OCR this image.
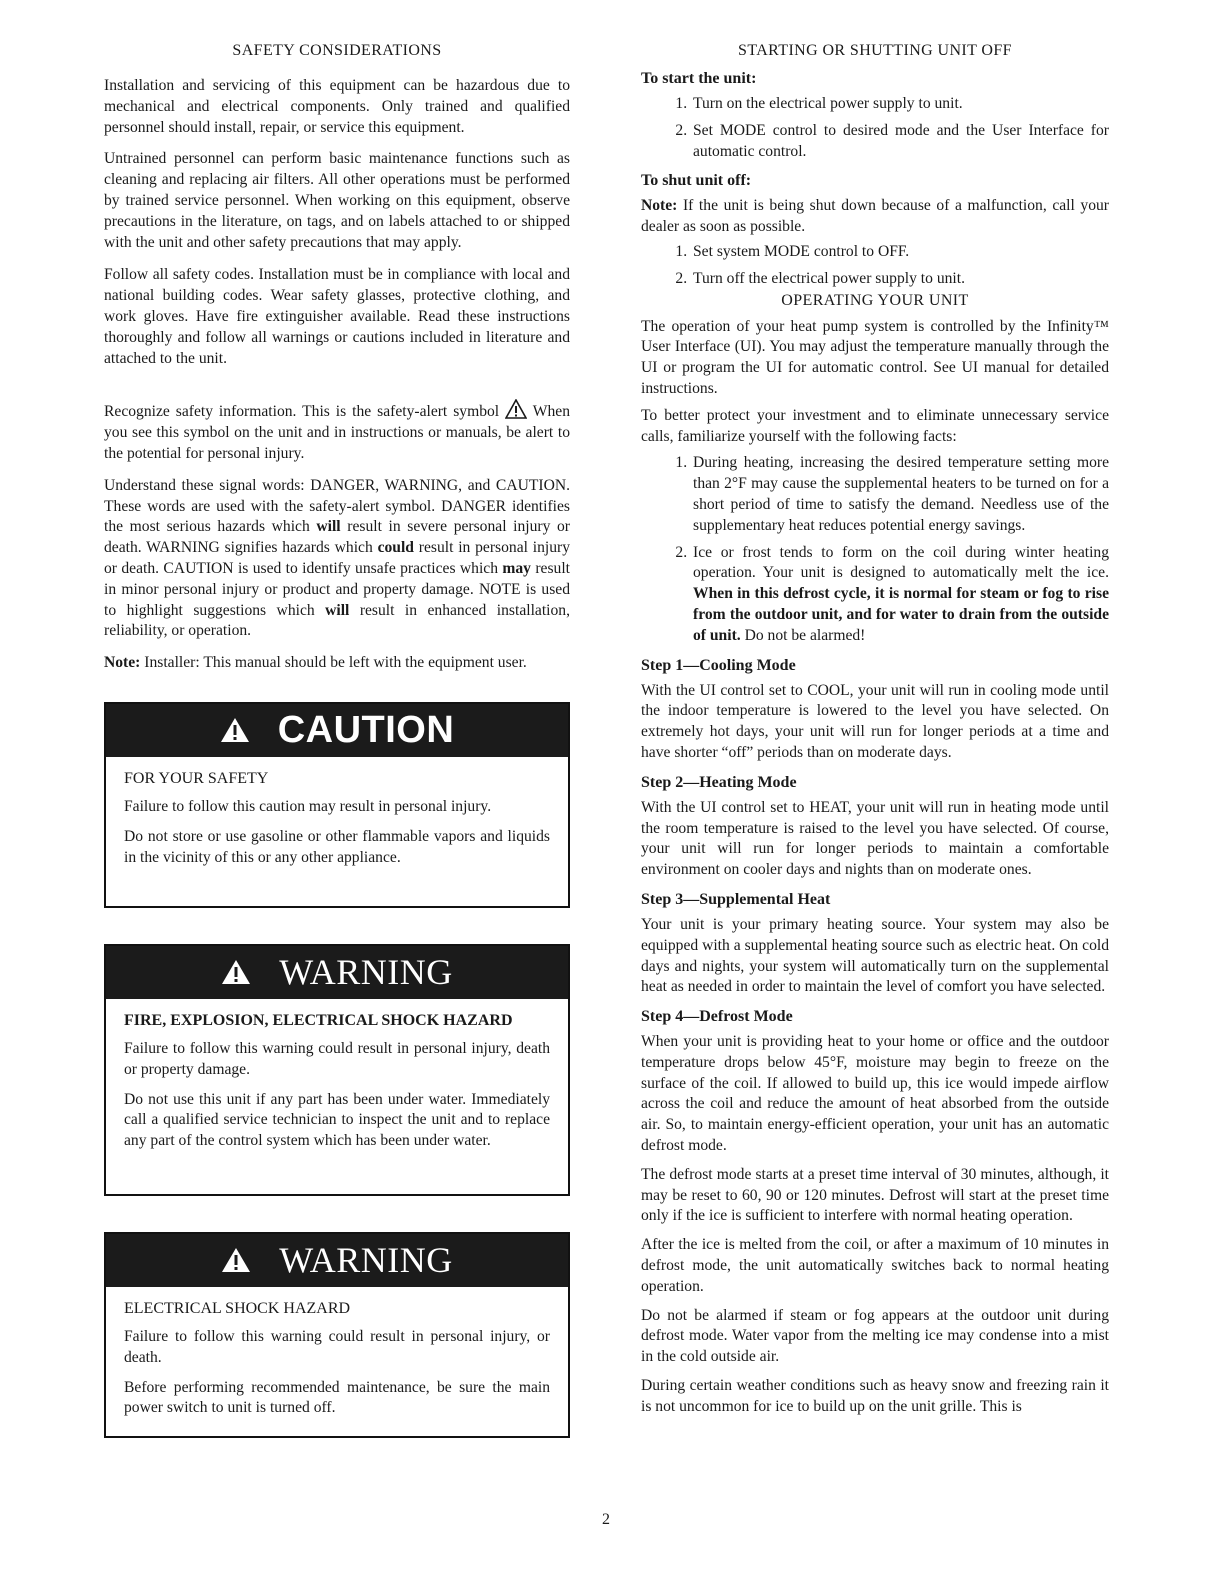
SAFETY CONSIDERATIONS

Installation and servicing of this equipment can be hazardous due to mechanical and electrical components. Only trained and qualified personnel should install, repair, or service this equipment.

Untrained personnel can perform basic maintenance functions such as cleaning and replacing air filters. All other operations must be performed by trained service personnel. When working on this equipment, observe precautions in the literature, on tags, and on labels attached to or shipped with the unit and other safety precautions that may apply.

Follow all safety codes. Installation must be in compliance with local and national building codes. Wear safety glasses, protective clothing, and work gloves. Have fire extinguisher available. Read these instructions thoroughly and follow all warnings or cautions included in literature and attached to the unit.

Recognize safety information. This is the safety-alert symbol When you see this symbol on the unit and in instructions or manuals, be alert to the potential for personal injury.

Understand these signal words: DANGER, WARNING, and CAUTION. These words are used with the safety-alert symbol. DANGER identifies the most serious hazards which will result in severe personal injury or death. WARNING signifies hazards which could result in personal injury or death. CAUTION is used to identify unsafe practices which may result in minor personal injury or product and property damage. NOTE is used to highlight suggestions which will result in enhanced installation, reliability, or operation.

Note: Installer: This manual should be left with the equipment user.

CAUTION
FOR YOUR SAFETY

Failure to follow this caution may result in personal injury.

Do not store or use gasoline or other flammable vapors and liquids in the vicinity of this or any other appliance.

WARNING
FIRE, EXPLOSION, ELECTRICAL SHOCK HAZARD

Failure to follow this warning could result in personal injury, death or property damage.

Do not use this unit if any part has been under water. Immediately call a qualified service technician to inspect the unit and to replace any part of the control system which has been under water.

WARNING
ELECTRICAL SHOCK HAZARD

Failure to follow this warning could result in personal injury, or death.

Before performing recommended maintenance, be sure the main power switch to unit is turned off.

STARTING OR SHUTTING UNIT OFF
To start the unit:
1. Turn on the electrical power supply to unit.
2. Set MODE control to desired mode and the User Interface for automatic control.
To shut unit off:

Note: If the unit is being shut down because of a malfunction, call your dealer as soon as possible.

1. Set system MODE control to OFF.
2. Turn off the electrical power supply to unit.
OPERATING YOUR UNIT

The operation of your heat pump system is controlled by the Infinity™ User Interface (UI). You may adjust the temperature manually through the UI or program the UI for automatic control. See UI manual for detailed instructions.

To better protect your investment and to eliminate unnecessary service calls, familiarize yourself with the following facts:

1. During heating, increasing the desired temperature setting more than 2°F may cause the supplemental heaters to be turned on for a short period of time to satisfy the demand. Needless use of the supplementary heat reduces potential energy savings.
2. Ice or frost tends to form on the coil during winter heating operation. Your unit is designed to automatically melt the ice. When in this defrost cycle, it is normal for steam or fog to rise from the outdoor unit, and for water to drain from the outside of unit. Do not be alarmed!
Step 1—Cooling Mode

With the UI control set to COOL, your unit will run in cooling mode until the indoor temperature is lowered to the level you have selected. On extremely hot days, your unit will run for longer periods at a time and have shorter “off” periods than on moderate days.

Step 2—Heating Mode

With the UI control set to HEAT, your unit will run in heating mode until the room temperature is raised to the level you have selected. Of course, your unit will run for longer periods to maintain a comfortable environment on cooler days and nights than on moderate ones.

Step 3—Supplemental Heat

Your unit is your primary heating source. Your system may also be equipped with a supplemental heating source such as electric heat. On cold days and nights, your system will automatically turn on the supplemental heat as needed in order to maintain the level of comfort you have selected.

Step 4—Defrost Mode

When your unit is providing heat to your home or office and the outdoor temperature drops below 45°F, moisture may begin to freeze on the surface of the coil. If allowed to build up, this ice would impede airflow across the coil and reduce the amount of heat absorbed from the outside air. So, to maintain energy-efficient operation, your unit has an automatic defrost mode.

The defrost mode starts at a preset time interval of 30 minutes, although, it may be reset to 60, 90 or 120 minutes. Defrost will start at the preset time only if the ice is sufficient to interfere with normal heating operation.

After the ice is melted from the coil, or after a maximum of 10 minutes in defrost mode, the unit automatically switches back to normal heating operation.

Do not be alarmed if steam or fog appears at the outdoor unit during defrost mode. Water vapor from the melting ice may condense into a mist in the cold outside air.

During certain weather conditions such as heavy snow and freezing rain it is not uncommon for ice to build up on the unit grille. This is

2
